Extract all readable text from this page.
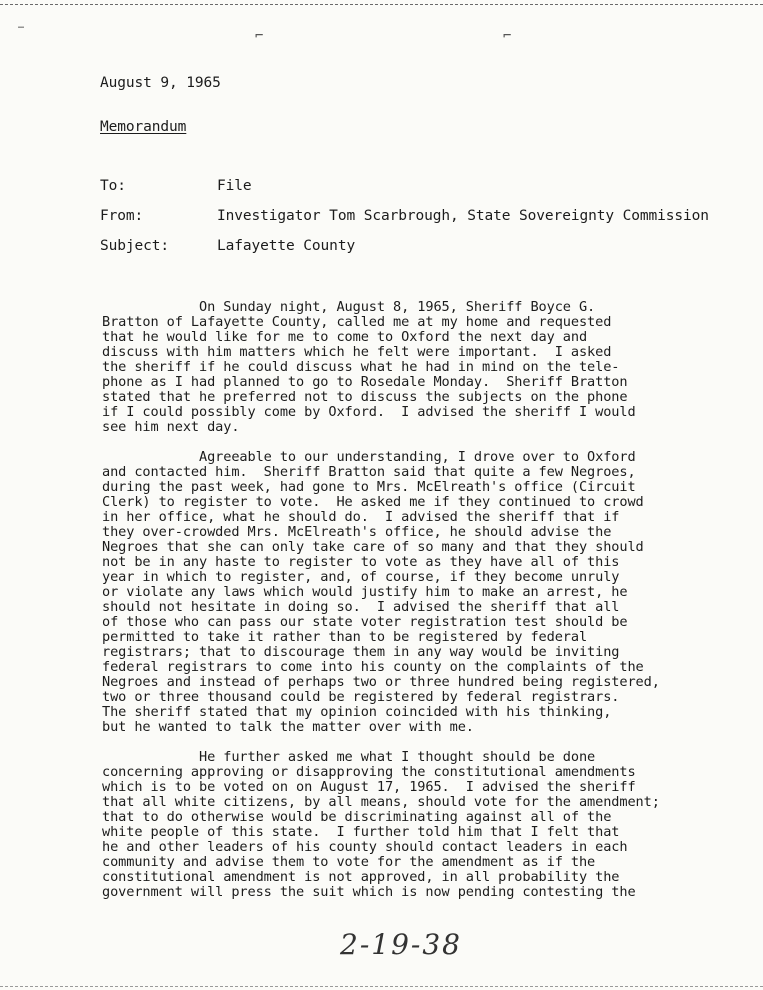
⌐	⌐
…
August 9, 1965
Memorandum
To:	File
From:	Investigator Tom Scarbrough, State Sovereignty Commission
Subject:	Lafayette County
On Sunday night, August 8, 1965, Sheriff Boyce G.
Bratton of Lafayette County, called me at my home and requested
that he would like for me to come to Oxford the next day and
discuss with him matters which he felt were important.  I asked
the sheriff if he could discuss what he had in mind on the tele-
phone as I had planned to go to Rosedale Monday.  Sheriff Bratton
stated that he preferred not to discuss the subjects on the phone
if I could possibly come by Oxford.  I advised the sheriff I would
see him next day.
Agreeable to our understanding, I drove over to Oxford
and contacted him.  Sheriff Bratton said that quite a few Negroes,
during the past week, had gone to Mrs. McElreath's office (Circuit
Clerk) to register to vote.  He asked me if they continued to crowd
in her office, what he should do.  I advised the sheriff that if
they over-crowded Mrs. McElreath's office, he should advise the
Negroes that she can only take care of so many and that they should
not be in any haste to register to vote as they have all of this
year in which to register, and, of course, if they become unruly
or violate any laws which would justify him to make an arrest, he
should not hesitate in doing so.  I advised the sheriff that all
of those who can pass our state voter registration test should be
permitted to take it rather than to be registered by federal
registrars; that to discourage them in any way would be inviting
federal registrars to come into his county on the complaints of the
Negroes and instead of perhaps two or three hundred being registered,
two or three thousand could be registered by federal registrars.
The sheriff stated that my opinion coincided with his thinking,
but he wanted to talk the matter over with me.
He further asked me what I thought should be done
concerning approving or disapproving the constitutional amendments
which is to be voted on on August 17, 1965.  I advised the sheriff
that all white citizens, by all means, should vote for the amendment;
that to do otherwise would be discriminating against all of the
white people of this state.  I further told him that I felt that
he and other leaders of his county should contact leaders in each
community and advise them to vote for the amendment as if the
constitutional amendment is not approved, in all probability the
government will press the suit which is now pending contesting the
2-19-38
